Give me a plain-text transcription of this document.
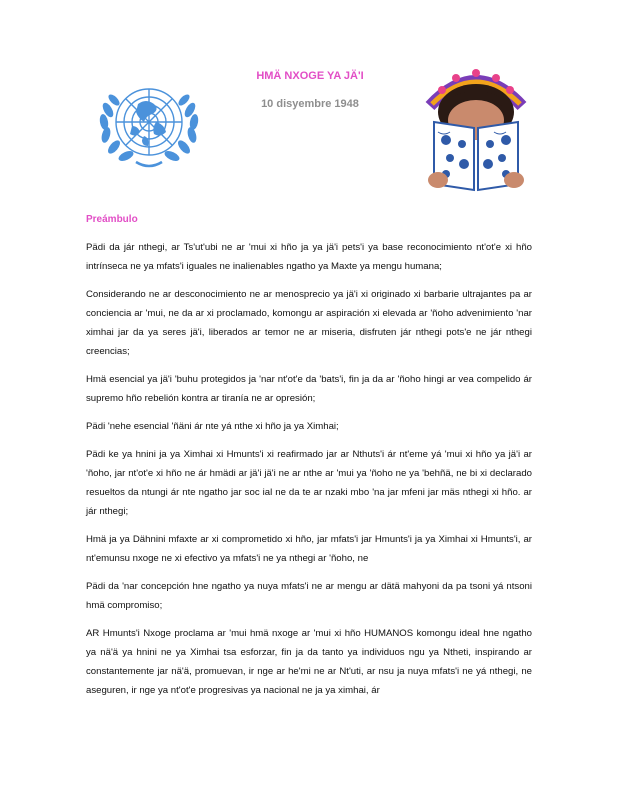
HMÄ NXOGE YA JÄ'I
10 disyembre 1948
Preámbulo

Pädi da jár nthegi, ar Ts'ut'ubi ne ar 'mui xi hño ja ya jä'i pets'i ya base reconocimiento nt'ot'e xi hño intrínseca ne ya mfats'i iguales ne inalienables ngatho ya Maxte ya mengu humana;

Considerando ne ar desconocimiento ne ar menosprecio ya jä'i xi originado xi barbarie ultrajantes pa ar conciencia ar 'mui, ne da ar xi proclamado, komongu ar aspiración xi elevada ar 'ñoho advenimiento 'nar ximhai jar da ya seres jä'i, liberados ar temor ne ar miseria, disfruten jár nthegi pots'e ne jár nthegi creencias;

Hmä esencial ya jä'i 'buhu protegidos ja 'nar nt'ot'e da 'bats'i, fin ja da ar 'ñoho hingi ar vea compelido ár supremo hño rebelión kontra ar tiranía ne ar opresión;

Pädi 'nehe esencial 'ñäni ár nte yá nthe xi hño ja ya Ximhai;

Pädi ke ya hnini ja ya Ximhai xi Hmunts'i xi reafirmado jar ar Nthuts'i ár nt'eme yá 'mui xi hño ya jä'i ar 'ñoho, jar nt'ot'e xi hño ne ár hmädi ar jä'i jä'i ne ar nthe ar 'mui ya 'ñoho ne ya 'behñä, ne bi xi declarado resueltos da ntungi ár nte ngatho jar soc ial ne da te ar nzaki mbo 'na jar mfeni jar mäs nthegi xi hño. ar jár nthegi;

Hmä ja ya Dähnini mfaxte ar xi comprometido xi hño, jar mfats'i jar Hmunts'i ja ya Ximhai xi Hmunts'i, ar nt'emunsu nxoge ne xi efectivo ya mfats'i ne ya nthegi ar 'ñoho, ne

Pädi da 'nar concepción hne ngatho ya nuya mfats'i ne ar mengu ar dätä mahyoni da pa tsoni yá ntsoni hmä compromiso;

AR Hmunts'i Nxoge proclama ar 'mui hmä nxoge ar 'mui xi hño HUMANOS komongu ideal hne ngatho ya nä'ä ya hnini ne ya Ximhai tsa esforzar, fin ja da tanto ya individuos ngu ya Ntheti, inspirando ar constantemente jar nä'ä, promuevan, ir nge ar he'mi ne ar Nt'uti, ar nsu ja nuya mfats'i ne yá nthegi, ne aseguren, ir nge ya nt'ot'e progresivas ya nacional ne ja ya ximhai, ár
